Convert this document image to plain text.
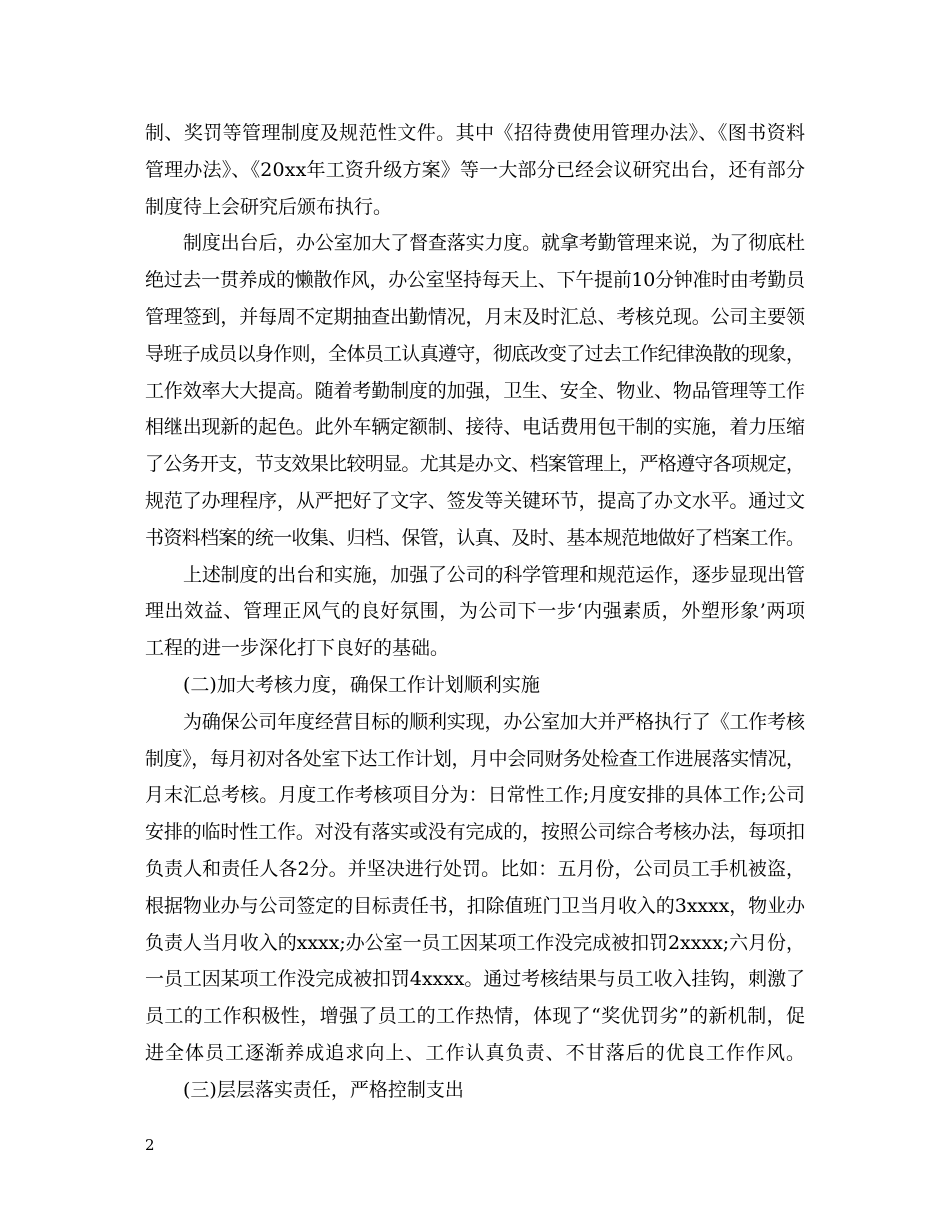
制、奖罚等管理制度及规范性文件。其中《招待费使用管理办法》、《图书资料
管理办法》、《20xx年工资升级方案》等一大部分已经会议研究出台，还有部分
制度待上会研究后颁布执行。
制度出台后，办公室加大了督查落实力度。就拿考勤管理来说，为了彻底杜
绝过去一贯养成的懒散作风，办公室坚持每天上、下午提前10分钟准时由考勤员
管理签到，并每周不定期抽查出勤情况，月末及时汇总、考核兑现。公司主要领
导班子成员以身作则，全体员工认真遵守，彻底改变了过去工作纪律涣散的现象，
工作效率大大提高。随着考勤制度的加强，卫生、安全、物业、物品管理等工作
相继出现新的起色。此外车辆定额制、接待、电话费用包干制的实施，着力压缩
了公务开支，节支效果比较明显。尤其是办文、档案管理上，严格遵守各项规定，
规范了办理程序，从严把好了文字、签发等关键环节，提高了办文水平。通过文
书资料档案的统一收集、归档、保管，认真、及时、基本规范地做好了档案工作。
上述制度的出台和实施，加强了公司的科学管理和规范运作，逐步显现出管
理出效益、管理正风气的良好氛围，为公司下一步‘内强素质，外塑形象’两项
工程的进一步深化打下良好的基础。
(二)加大考核力度，确保工作计划顺利实施
为确保公司年度经营目标的顺利实现，办公室加大并严格执行了《工作考核
制度》，每月初对各处室下达工作计划，月中会同财务处检查工作进展落实情况，
月末汇总考核。月度工作考核项目分为：日常性工作;月度安排的具体工作;公司
安排的临时性工作。对没有落实或没有完成的，按照公司综合考核办法，每项扣
负责人和责任人各2分。并坚决进行处罚。比如：五月份，公司员工手机被盗，
根据物业办与公司签定的目标责任书，扣除值班门卫当月收入的3xxxx，物业办
负责人当月收入的xxxx;办公室一员工因某项工作没完成被扣罚2xxxx;六月份，
一员工因某项工作没完成被扣罚4xxxx。通过考核结果与员工收入挂钩，刺激了
员工的工作积极性，增强了员工的工作热情，体现了“奖优罚劣”的新机制，促
进全体员工逐渐养成追求向上、工作认真负责、不甘落后的优良工作作风。
(三)层层落实责任，严格控制支出
2
